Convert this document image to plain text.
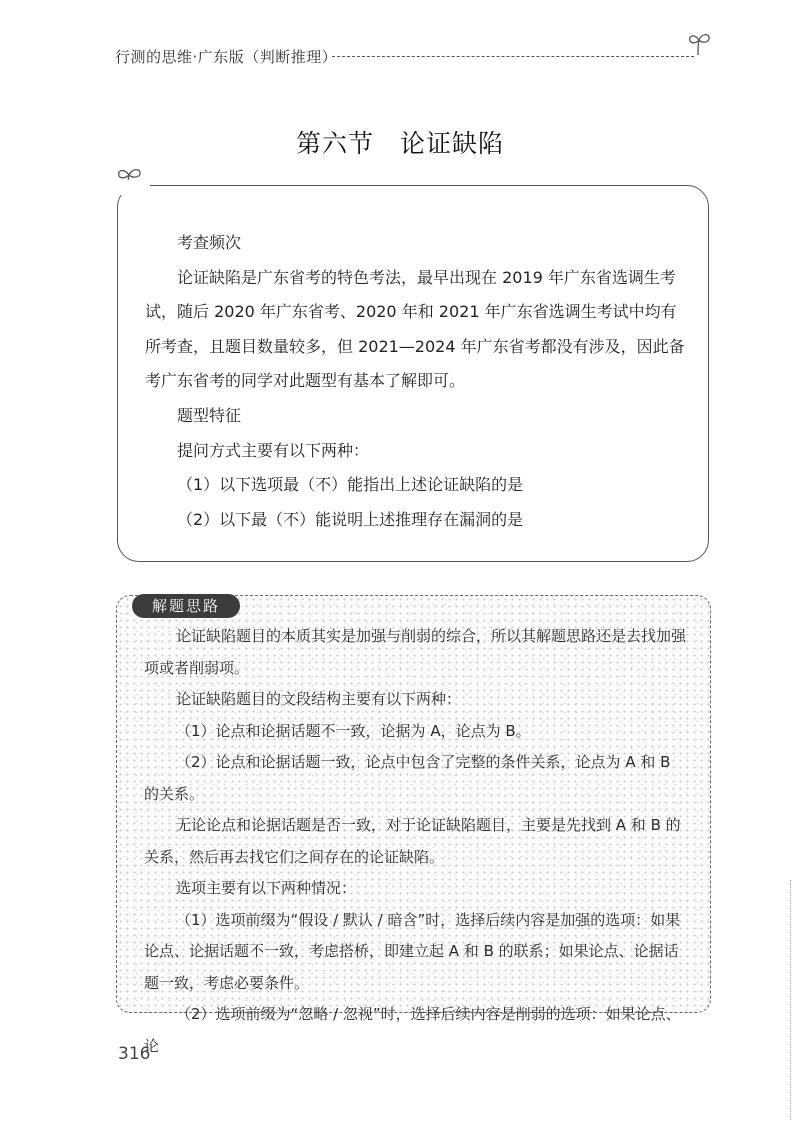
行测的思维·广东版（判断推理）
第六节　论证缺陷

考查频次

论证缺陷是广东省考的特色考法，最早出现在 2019 年广东省选调生考试，随后 2020 年广东省考、2020 年和 2021 年广东省选调生考试中均有所考查，且题目数量较多，但 2021—2024 年广东省考都没有涉及，因此备考广东省考的同学对此题型有基本了解即可。

题型特征

提问方式主要有以下两种：

（1）以下选项最（不）能指出上述论证缺陷的是

（2）以下最（不）能说明上述推理存在漏洞的是

解题思路

论证缺陷题目的本质其实是加强与削弱的综合，所以其解题思路还是去找加强项或者削弱项。

论证缺陷题目的文段结构主要有以下两种：

（1）论点和论据话题不一致，论据为 A，论点为 B。

（2）论点和论据话题一致，论点中包含了完整的条件关系，论点为 A 和 B 的关系。

无论论点和论据话题是否一致，对于论证缺陷题目，主要是先找到 A 和 B 的关系，然后再去找它们之间存在的论证缺陷。

选项主要有以下两种情况：

（1）选项前缀为“假设 / 默认 / 暗含”时，选择后续内容是加强的选项：如果论点、论据话题不一致，考虑搭桥，即建立起 A 和 B 的联系；如果论点、论据话题一致，考虑必要条件。

（2）选项前缀为“忽略 / 忽视”时，选择后续内容是削弱的选项：如果论点、论

316
